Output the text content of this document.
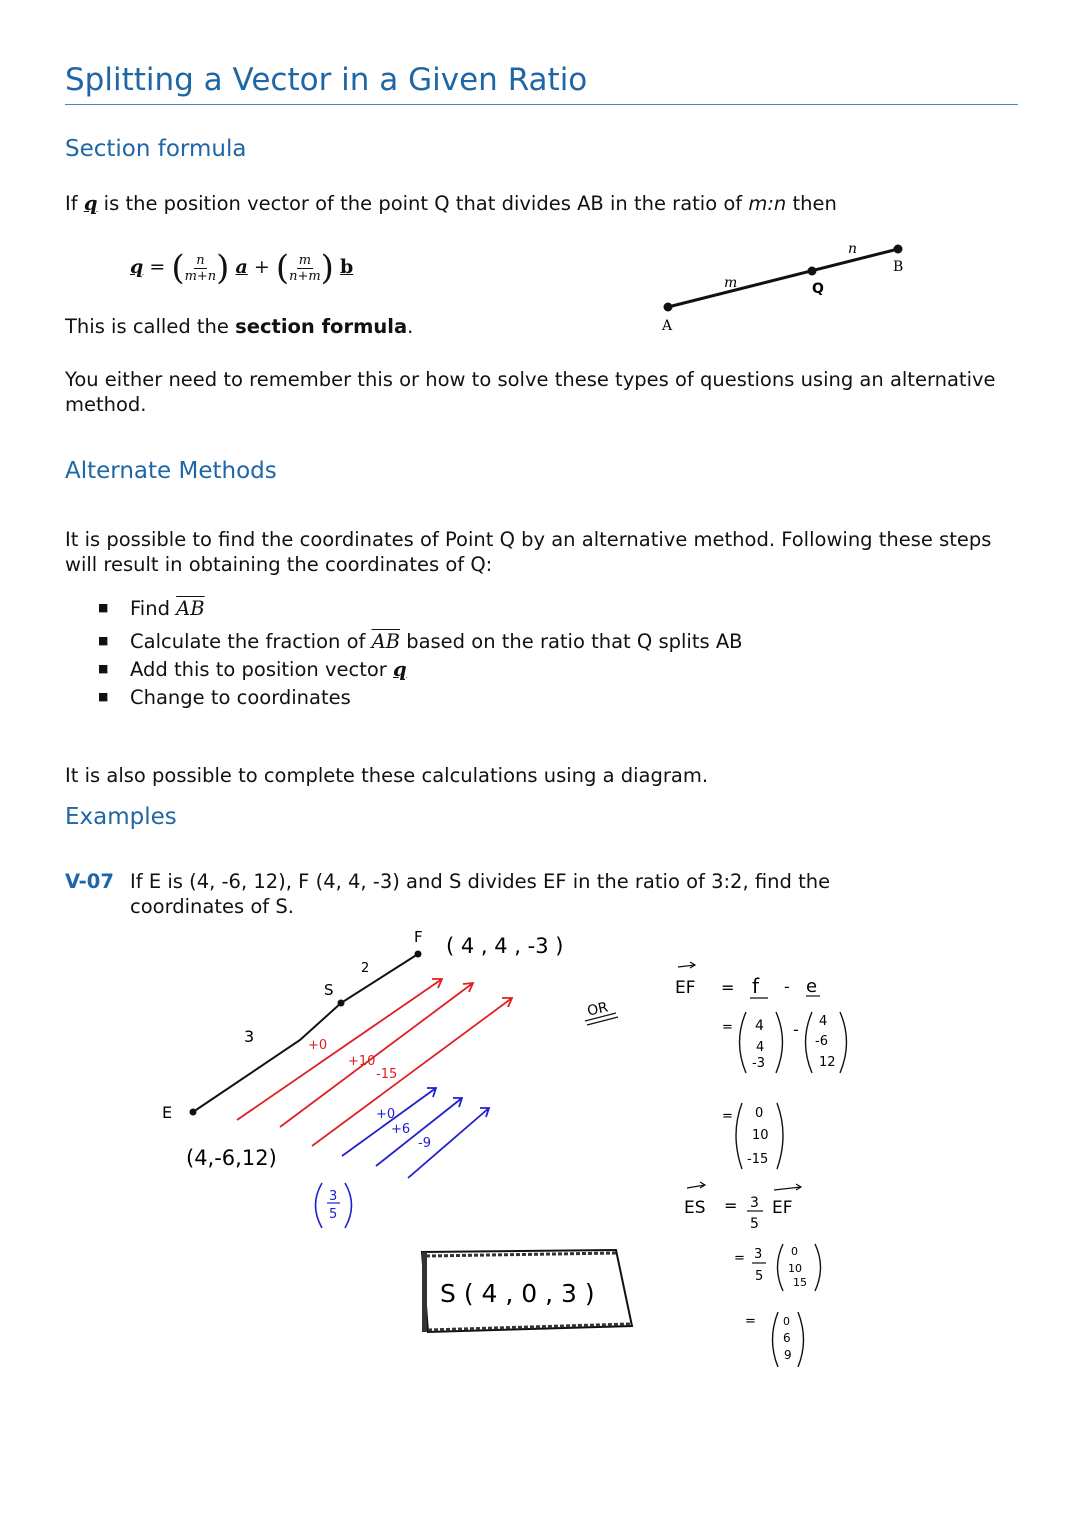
Splitting a Vector in a Given Ratio
Section formula
If q is the position vector of the point Q that divides AB in the ratio of m:n then
q = ( $\frac{n}{m+n}$ ) a + ( $\frac{m}{n+m}$ ) b
A
Q
B
m
n
This is called the section formula.
You either need to remember this or how to solve these types of questions using an alternative method.
Alternate Methods
It is possible to find the coordinates of Point Q by an alternative method. Following these steps will result in obtaining the coordinates of Q:
■ Find $\overline{AB}$
■ Calculate the fraction of $\overline{AB}$ based on the ratio that Q splits AB
■ Add this to position vector q
■ Change to coordinates
It is also possible to complete these calculations using a diagram.
Examples
V-07 If E is (4, -6, 12), F (4, 4, -3) and S divides EF in the ratio of 3:2, find the
coordinates of S.
E
F
S
3
2
(4,-6,12)
( 4 , 4 , -3 )
+0
+10
-15
+0
+6
-9
3
5
OR
S ( 4 , 0 , 3 )
EF = f - e
= 4
4
-3
- 4
-6
12
= 0
10
-15
ES = 3
5
EF
= 3
5
0
10
15
= 0
6
9
